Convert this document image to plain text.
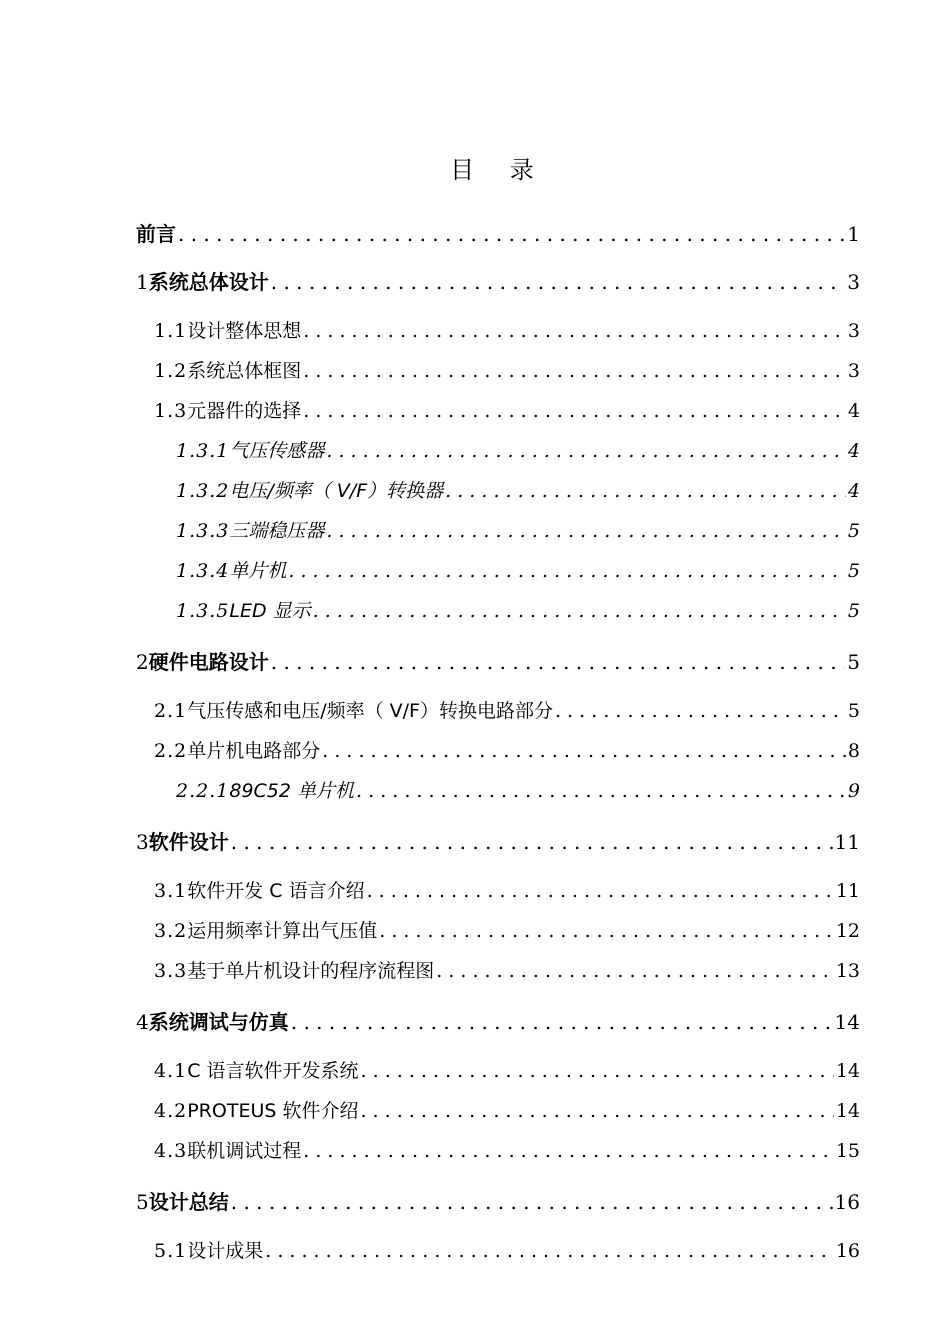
目 录
前言 . . .	1
1 系统总体设计 . . .	3
1.1 设计整体思想 . . .	3
1.2 系统总体框图 . . .	3
1.3 元器件的选择 . . .	4
1.3.1 气压传感器 . . .	4
1.3.2 电压/频率（ V/F）转换器 . . .	4
1.3.3 三端稳压器 . . .	5
1.3.4 单片机 . . .	5
1.3.5 LED 显示 . . .	5
2 硬件电路设计 . . .	5
2.1 气压传感和电压/频率（ V/F）转换电路部分 . . .	5
2.2 单片机电路部分 . . .	8
2.2.1 89C52 单片机 . . .	9
3 软件设计 . . .	11
3.1 软件开发 C 语言介绍 . . .	11
3.2 运用频率计算出气压值 . . .	12
3.3 基于单片机设计的程序流程图 . . .	13
4 系统调试与仿真 . . .	14
4.1 C 语言软件开发系统 . . .	14
4.2 PROTEUS 软件介绍 . . .	14
4.3 联机调试过程 . . .	15
5 设计总结 . . .	16
5.1 设计成果 . . .	16
